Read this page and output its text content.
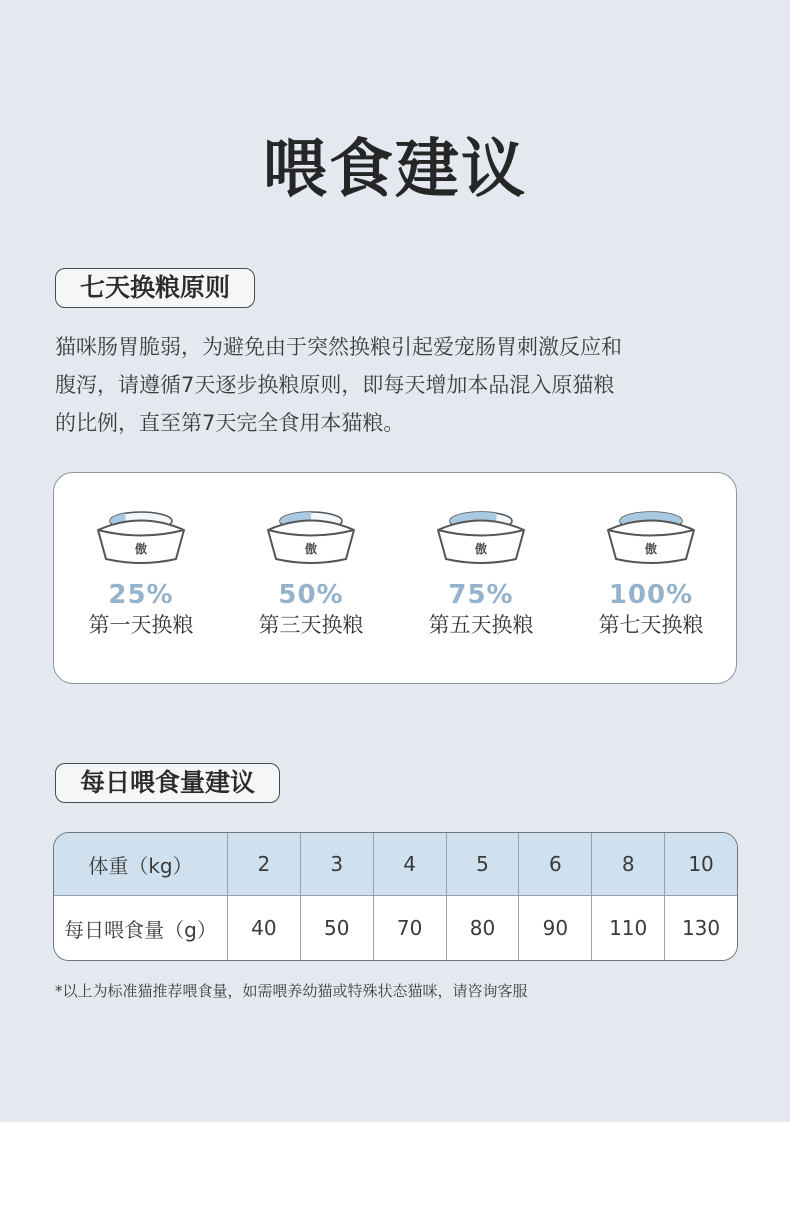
喂食建议
七天换粮原则
猫咪肠胃脆弱，为避免由于突然换粮引起爱宠肠胃刺激反应和
腹泻，请遵循7天逐步换粮原则，即每天增加本品混入原猫粮
的比例，直至第7天完全食用本猫粮。
傲
25%
第一天换粮
傲
50%
第三天换粮
傲
75%
第五天换粮
傲
100%
第七天换粮
每日喂食量建议
体重（kg）	2	3	4	5	6	8	10
每日喂食量（g）	40	50	70	80	90	110	130
*以上为标准猫推荐喂食量，如需喂养幼猫或特殊状态猫咪，请咨询客服
